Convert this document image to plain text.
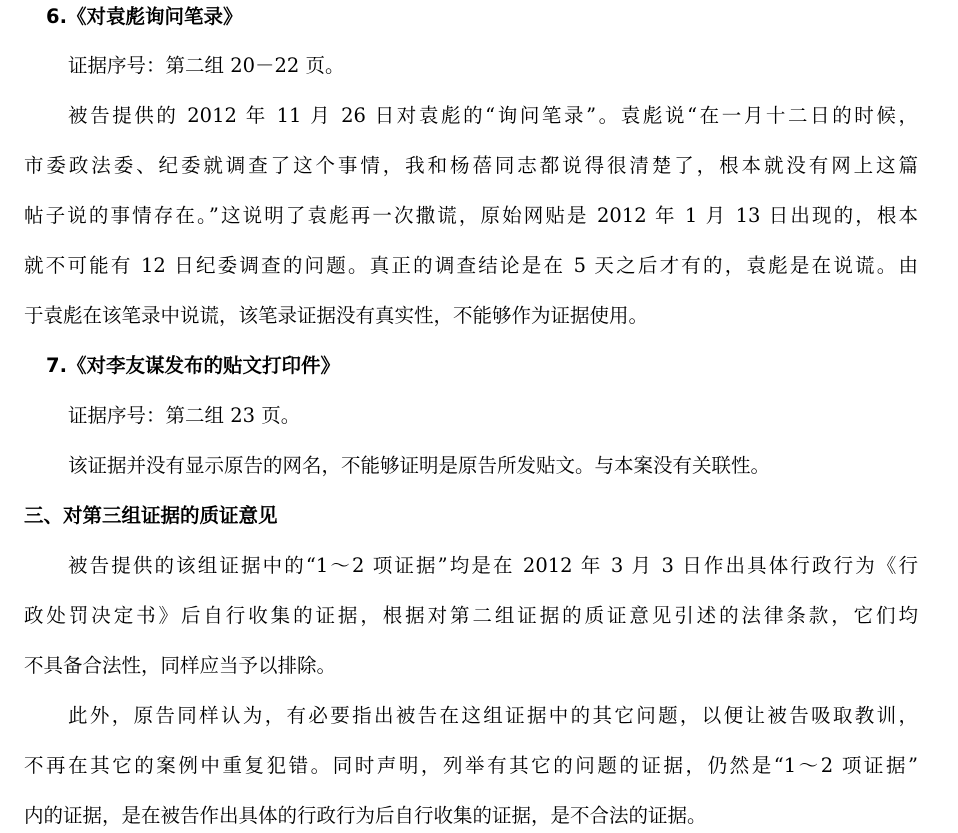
6.《对袁彪询问笔录》
证据序号：第二组 20－22 页。
被告提供的 2012 年 11 月 26 日对袁彪的“询问笔录”。袁彪说“在一月十二日的时候，
市委政法委、纪委就调查了这个事情，我和杨蓓同志都说得很清楚了，根本就没有网上这篇
帖子说的事情存在。”这说明了袁彪再一次撒谎，原始网贴是 2012 年 1 月 13 日出现的，根本
就不可能有 12 日纪委调查的问题。真正的调查结论是在 5 天之后才有的，袁彪是在说谎。由
于袁彪在该笔录中说谎，该笔录证据没有真实性，不能够作为证据使用。
7.《对李友谋发布的贴文打印件》
证据序号：第二组 23 页。
该证据并没有显示原告的网名，不能够证明是原告所发贴文。与本案没有关联性。
三、对第三组证据的质证意见
被告提供的该组证据中的“1～2 项证据”均是在 2012 年 3 月 3 日作出具体行政行为《行
政处罚决定书》后自行收集的证据，根据对第二组证据的质证意见引述的法律条款，它们均
不具备合法性，同样应当予以排除。
此外，原告同样认为，有必要指出被告在这组证据中的其它问题，以便让被告吸取教训，
不再在其它的案例中重复犯错。同时声明，列举有其它的问题的证据，仍然是“1～2 项证据”
内的证据，是在被告作出具体的行政行为后自行收集的证据，是不合法的证据。
